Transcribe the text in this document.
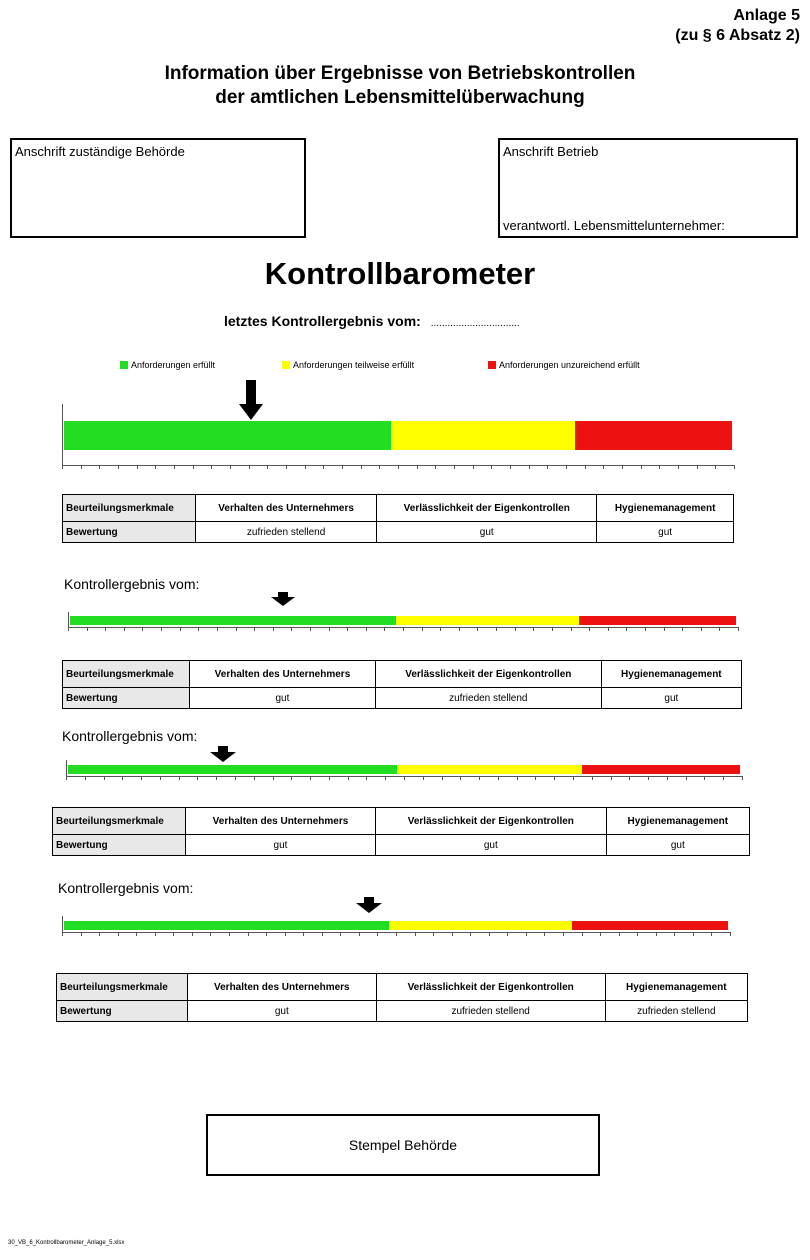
Anlage 5
(zu § 6 Absatz 2)
Information über Ergebnisse von Betriebskontrollen
der amtlichen Lebensmittelüberwachung
Anschrift zuständige Behörde	Anschrift Betrieb
verantwortl. Lebensmittelunternehmer:
Kontrollbarometer
letztes Kontrollergebnis vom: ................................
Anforderungen erfüllt	Anforderungen teilweise erfüllt	Anforderungen unzureichend erfüllt
Beurteilungsmerkmale	Verhalten des Unternehmers	Verlässlichkeit der Eigenkontrollen	Hygienemanagement
Bewertung	zufrieden stellend	gut	gut
Kontrollergebnis vom:
Beurteilungsmerkmale	Verhalten des Unternehmers	Verlässlichkeit der Eigenkontrollen	Hygienemanagement
Bewertung	gut	zufrieden stellend	gut
Kontrollergebnis vom:
Beurteilungsmerkmale	Verhalten des Unternehmers	Verlässlichkeit der Eigenkontrollen	Hygienemanagement
Bewertung	gut	gut	gut
Kontrollergebnis vom:
Beurteilungsmerkmale	Verhalten des Unternehmers	Verlässlichkeit der Eigenkontrollen	Hygienemanagement
Bewertung	gut	zufrieden stellend	zufrieden stellend
Stempel Behörde
30_VB_6_Kontrollbarometer_Anlage_5.xlsx
